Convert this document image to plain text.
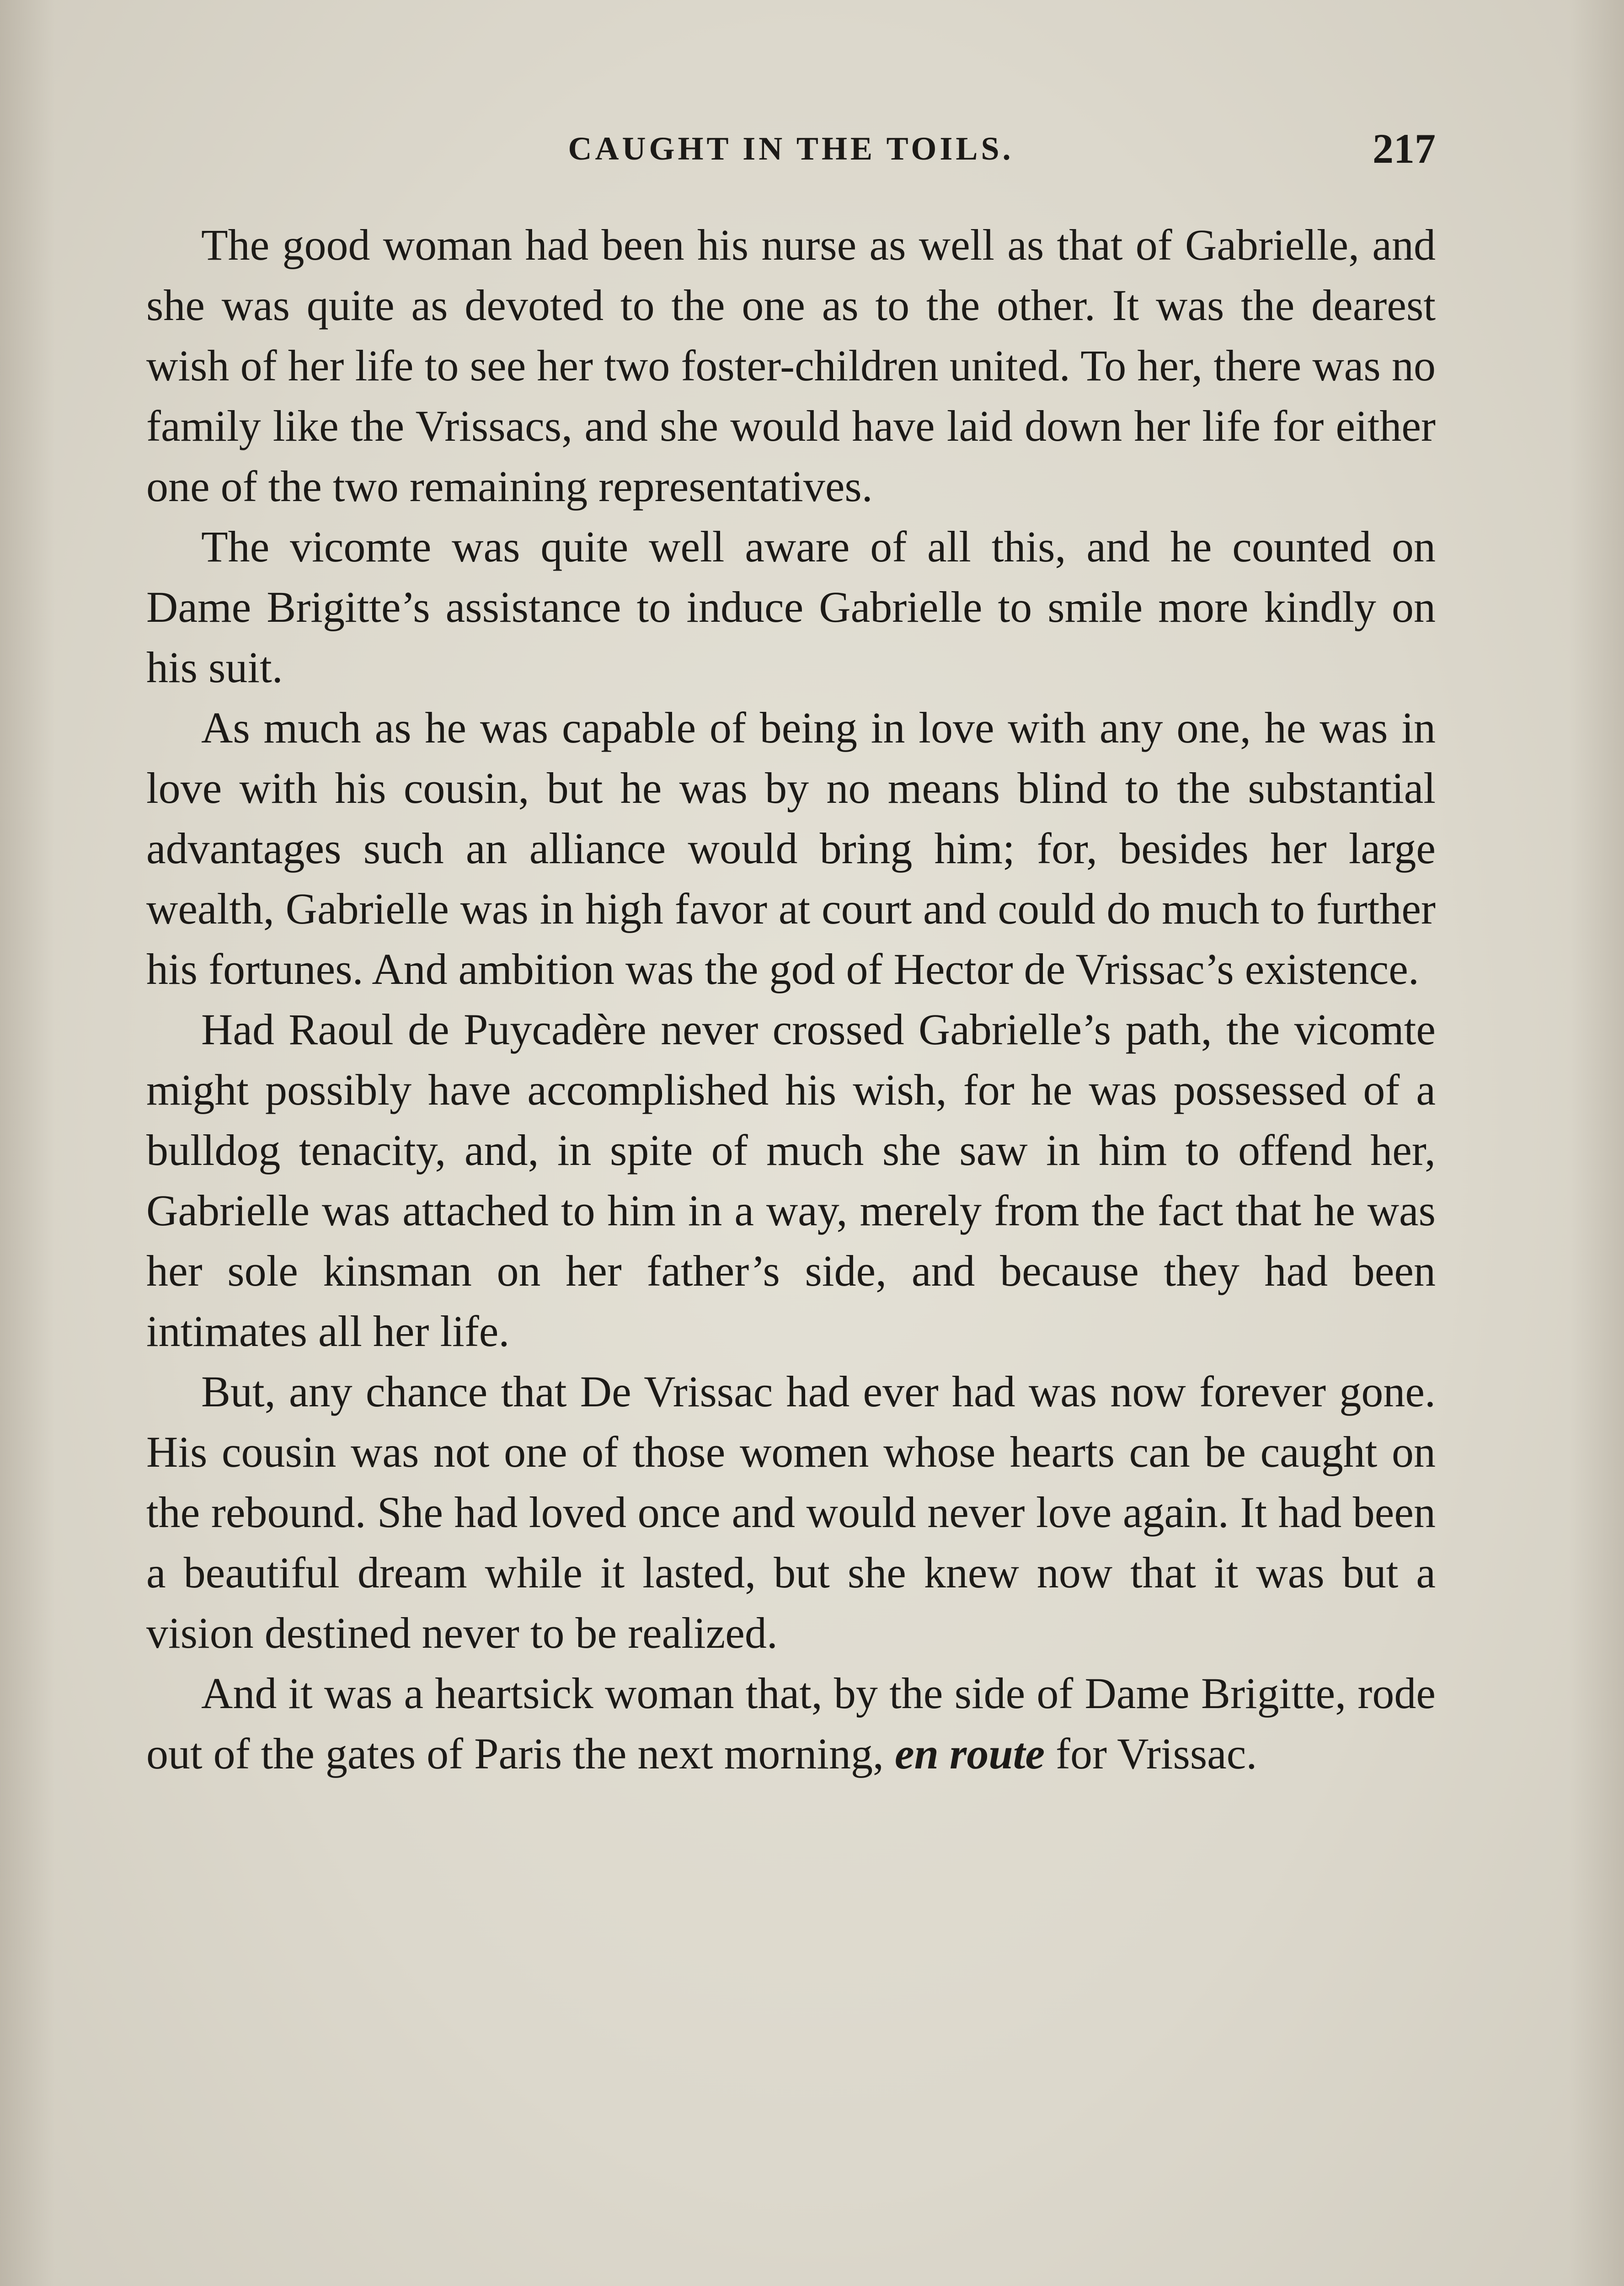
CAUGHT IN THE TOILS.	217

The good woman had been his nurse as well as that of Gabrielle, and she was quite as devoted to the one as to the other. It was the dearest wish of her life to see her two foster-children united. To her, there was no family like the Vrissacs, and she would have laid down her life for either one of the two remaining representatives.

The vicomte was quite well aware of all this, and he counted on Dame Brigitte’s assistance to induce Gabrielle to smile more kindly on his suit.

As much as he was capable of being in love with any one, he was in love with his cousin, but he was by no means blind to the substantial advantages such an alliance would bring him; for, besides her large wealth, Gabrielle was in high favor at court and could do much to further his fortunes. And ambition was the god of Hector de Vrissac’s existence.

Had Raoul de Puycadère never crossed Gabrielle’s path, the vicomte might possibly have accomplished his wish, for he was possessed of a bulldog tenacity, and, in spite of much she saw in him to offend her, Gabrielle was attached to him in a way, merely from the fact that he was her sole kinsman on her father’s side, and because they had been intimates all her life.

But, any chance that De Vrissac had ever had was now forever gone. His cousin was not one of those women whose hearts can be caught on the rebound. She had loved once and would never love again. It had been a beautiful dream while it lasted, but she knew now that it was but a vision destined never to be realized.

And it was a heartsick woman that, by the side of Dame Brigitte, rode out of the gates of Paris the next morning, en route for Vrissac.
